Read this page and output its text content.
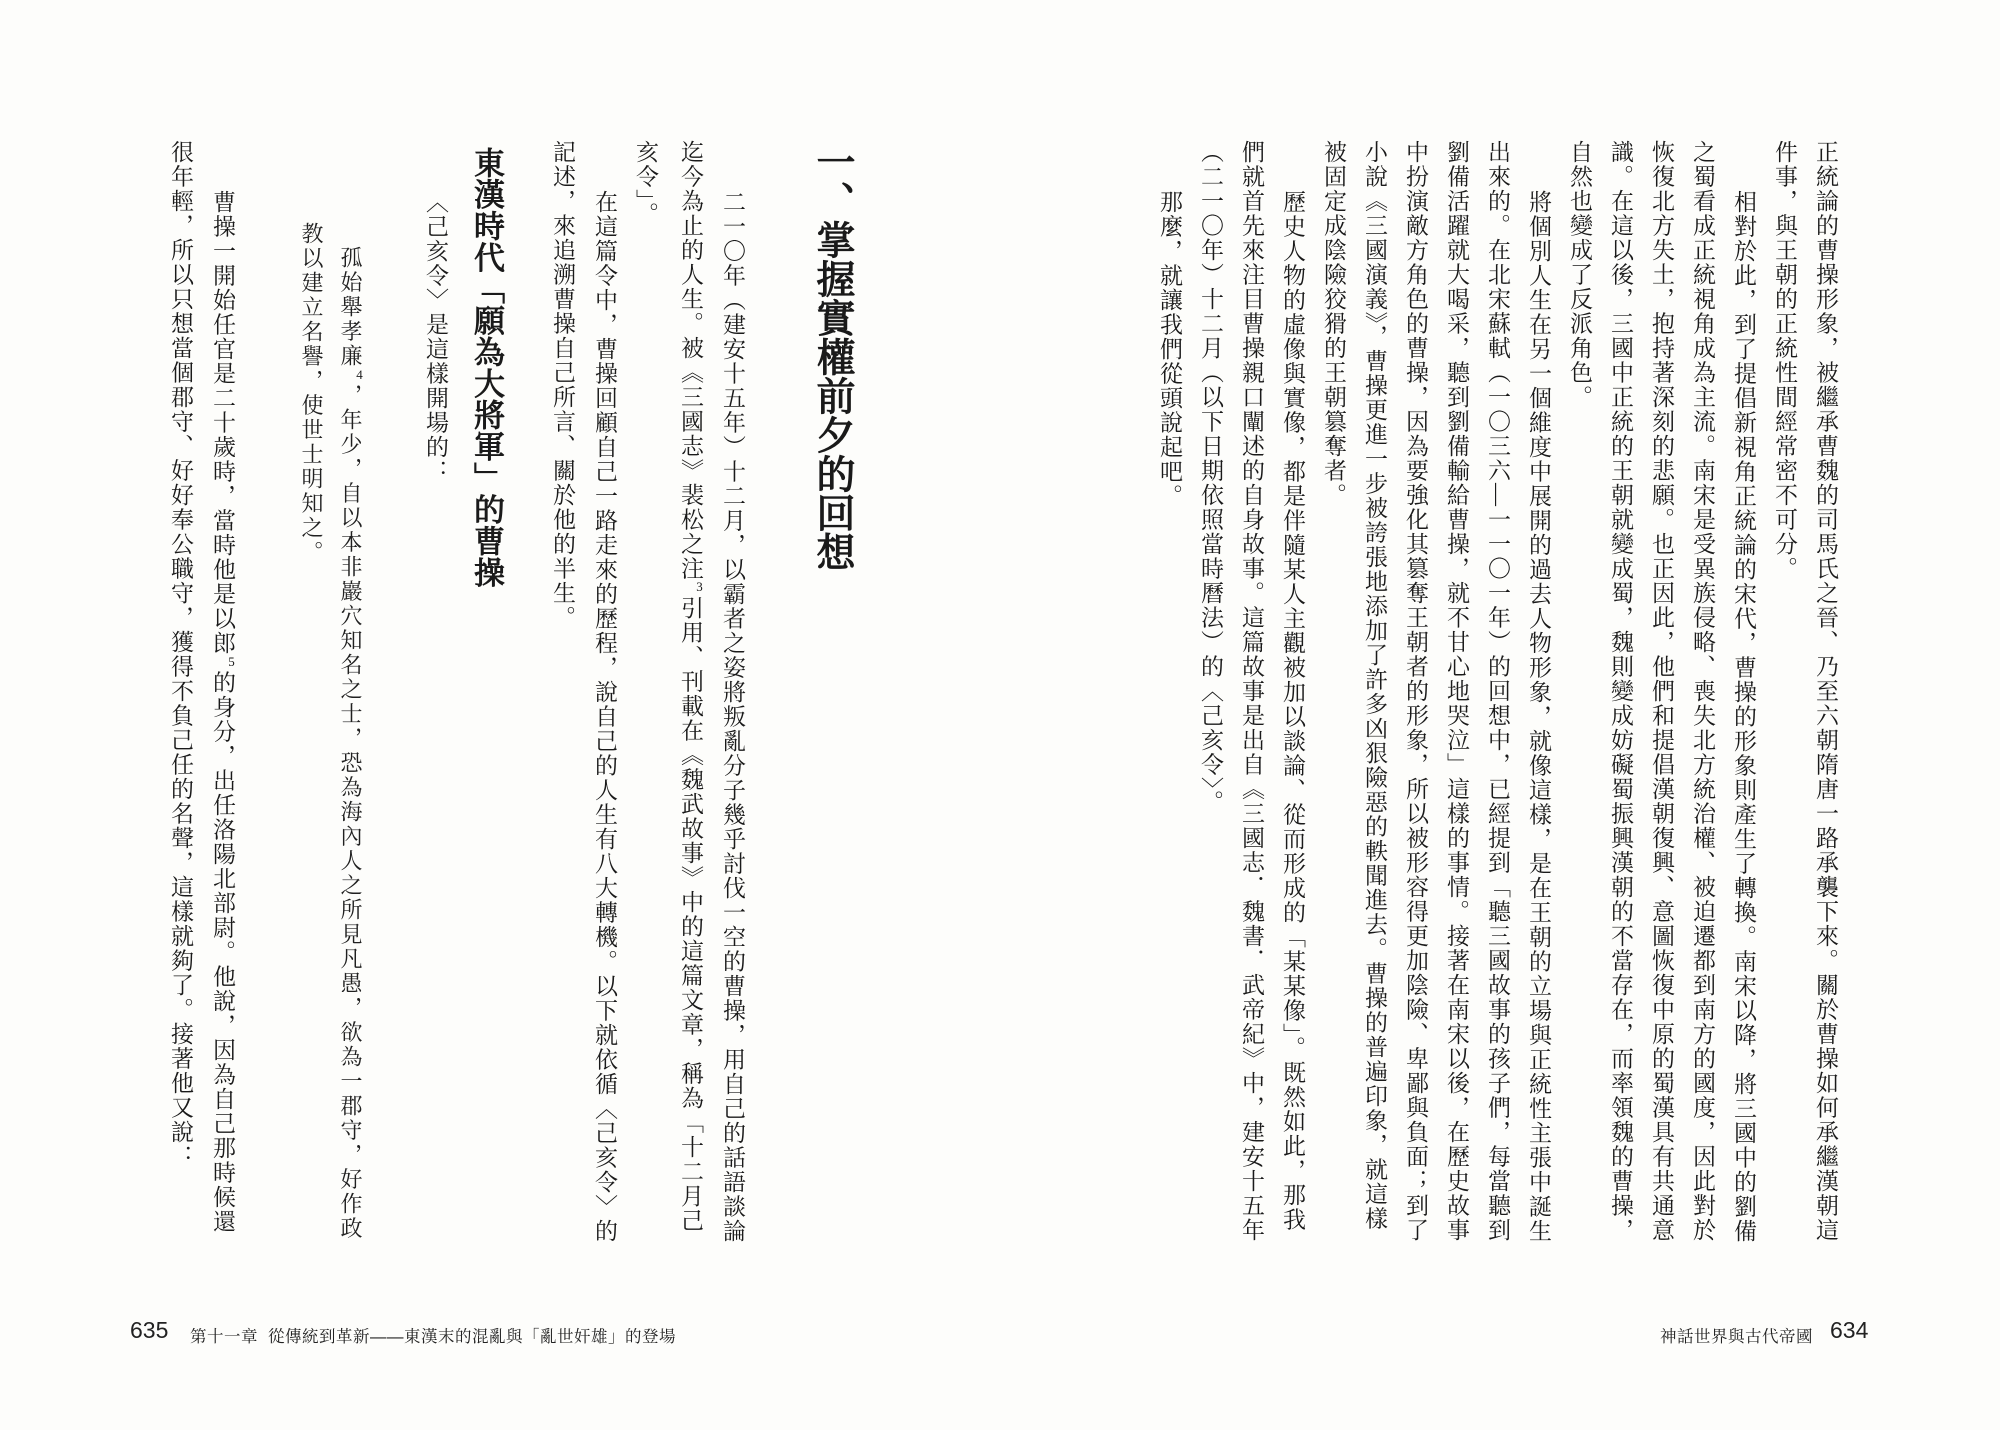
正統論的曹操形象，被繼承曹魏的司馬氏之晉、乃至六朝隋唐一路承襲下來。關於曹操如何承繼漢朝這
件事，與王朝的正統性間經常密不可分。
相對於此，到了提倡新視角正統論的宋代，曹操的形象則產生了轉換。南宋以降，將三國中的劉備
之蜀看成正統視角成為主流。南宋是受異族侵略、喪失北方統治權、被迫遷都到南方的國度，因此對於
恢復北方失土，抱持著深刻的悲願。也正因此，他們和提倡漢朝復興、意圖恢復中原的蜀漢具有共通意
識。在這以後，三國中正統的王朝就變成蜀，魏則變成妨礙蜀振興漢朝的不當存在，而率領魏的曹操，
自然也變成了反派角色。
將個別人生在另一個維度中展開的過去人物形象，就像這樣，是在王朝的立場與正統性主張中誕生
出來的。在北宋蘇軾（一〇三六—一一〇一年）的回想中，已經提到「聽三國故事的孩子們，每當聽到
劉備活躍就大喝采，聽到劉備輸給曹操，就不甘心地哭泣」這樣的事情。接著在南宋以後，在歷史故事
中扮演敵方角色的曹操，因為要強化其篡奪王朝者的形象，所以被形容得更加陰險、卑鄙與負面；到了
小說《三國演義》，曹操更進一步被誇張地添加了許多凶狠險惡的軼聞進去。曹操的普遍印象，就這樣
被固定成陰險狡猾的王朝篡奪者。
歷史人物的虛像與實像，都是伴隨某人主觀被加以談論、從而形成的「某某像」。既然如此，那我
們就首先來注目曹操親口闡述的自身故事。這篇故事是出自《三國志．魏書．武帝紀》中，建安十五年
（二一〇年）十二月（以下日期依照當時曆法）的〈己亥令〉。
那麼，就讓我們從頭說起吧。
神話世界與古代帝國 634
一、掌握實權前夕的回想
二一〇年（建安十五年）十二月，以霸者之姿將叛亂分子幾乎討伐一空的曹操，用自己的話語談論
迄今為止的人生。被《三國志》裴松之注3引用、刊載在《魏武故事》中的這篇文章，稱為「十二月己
亥令」。
在這篇令中，曹操回顧自己一路走來的歷程，說自己的人生有八大轉機。以下就依循〈己亥令〉的
記述，來追溯曹操自己所言、關於他的半生。
東漢時代「願為大將軍」的曹操
〈己亥令〉是這樣開場的：
孤始舉孝廉4，年少，自以本非巖穴知名之士，恐為海內人之所見凡愚，欲為一郡守，好作政
教以建立名譽，使世士明知之。
曹操一開始任官是二十歲時，當時他是以郎5的身分，出任洛陽北部尉。他說，因為自己那時候還
很年輕，所以只想當個郡守、好好奉公職守，獲得不負己任的名聲，這樣就夠了。接著他又說：
635 第十一章 從傳統到革新——東漢末的混亂與「亂世奸雄」的登場
